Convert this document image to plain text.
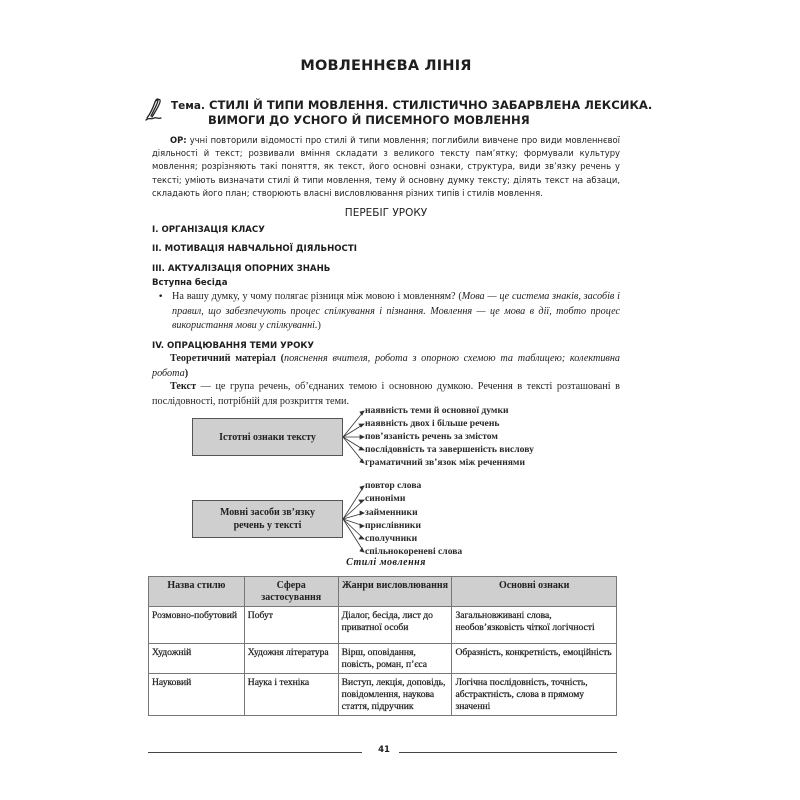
МОВЛЕННЄВА ЛІНІЯ
Тема. СТИЛІ Й ТИПИ МОВЛЕННЯ. СТИЛІСТИЧНО ЗАБАРВЛЕНА ЛЕКСИКА.
ВИМОГИ ДО УСНОГО Й ПИСЕМНОГО МОВЛЕННЯ
ОР: учні повторили відомості про стилі й типи мовлення; поглибили вивчене про види мовленнєвої діяльності й текст; розвивали вміння складати з великого тексту пам’ятку; формували культуру мовлення; розрізняють такі поняття, як текст, його основні ознаки, структура, види зв’язку речень у тексті; уміють визначати стилі й типи мовлення, тему й основну думку тексту; ділять текст на абзаци, складають його план; створюють власні висловлювання різних типів і стилів мовлення.
ПЕРЕБІГ УРОКУ
I. ОРГАНІЗАЦІЯ КЛАСУ
II. МОТИВАЦІЯ НАВЧАЛЬНОЇ ДІЯЛЬНОСТІ
III. АКТУАЛІЗАЦІЯ ОПОРНИХ ЗНАНЬ
Вступна бесіда
• На вашу думку, у чому полягає різниця між мовою і мовленням? (Мова — це система знаків, засобів і правил, що забезпечують процес спілкування і пізнання. Мовлення — це мова в дії, тобто процес використання мови у спілкуванні.)
IV. ОПРАЦЮВАННЯ ТЕМИ УРОКУ
Теоретичний матеріал (пояснення вчителя, робота з опорною схемою та таблицею; колективна робота)
Текст — це група речень, об’єднаних темою і основною думкою. Речення в тексті розташовані в послідовності, потрібній для розкриття теми.
Істотні ознаки тексту
наявність теми й основної думки
наявність двох і більше речень
пов’язаність речень за змістом
послідовність та завершеність вислову
граматичний зв’язок між реченнями
Мовні засоби зв’язку
речень у тексті
повтор слова
синоніми
займенники
прислівники
сполучники
спільнокореневі слова
Стилі мовлення
Назва стилю	Сфера застосування	Жанри висловлювання	Основні ознаки
Розмовно-побутовий	Побут	Діалог, бесіда, лист до приватної особи	Загальновживані слова, необов’язковість чіткої логічності
Художній	Художня література	Вірш, оповідання, повість, роман, п’єса	Образність, конкретність, емоційність
Науковий	Наука і техніка	Виступ, лекція, доповідь, повідомлення, наукова стаття, підручник	Логічна послідовність, точність, абстрактність, слова в прямому значенні
41
